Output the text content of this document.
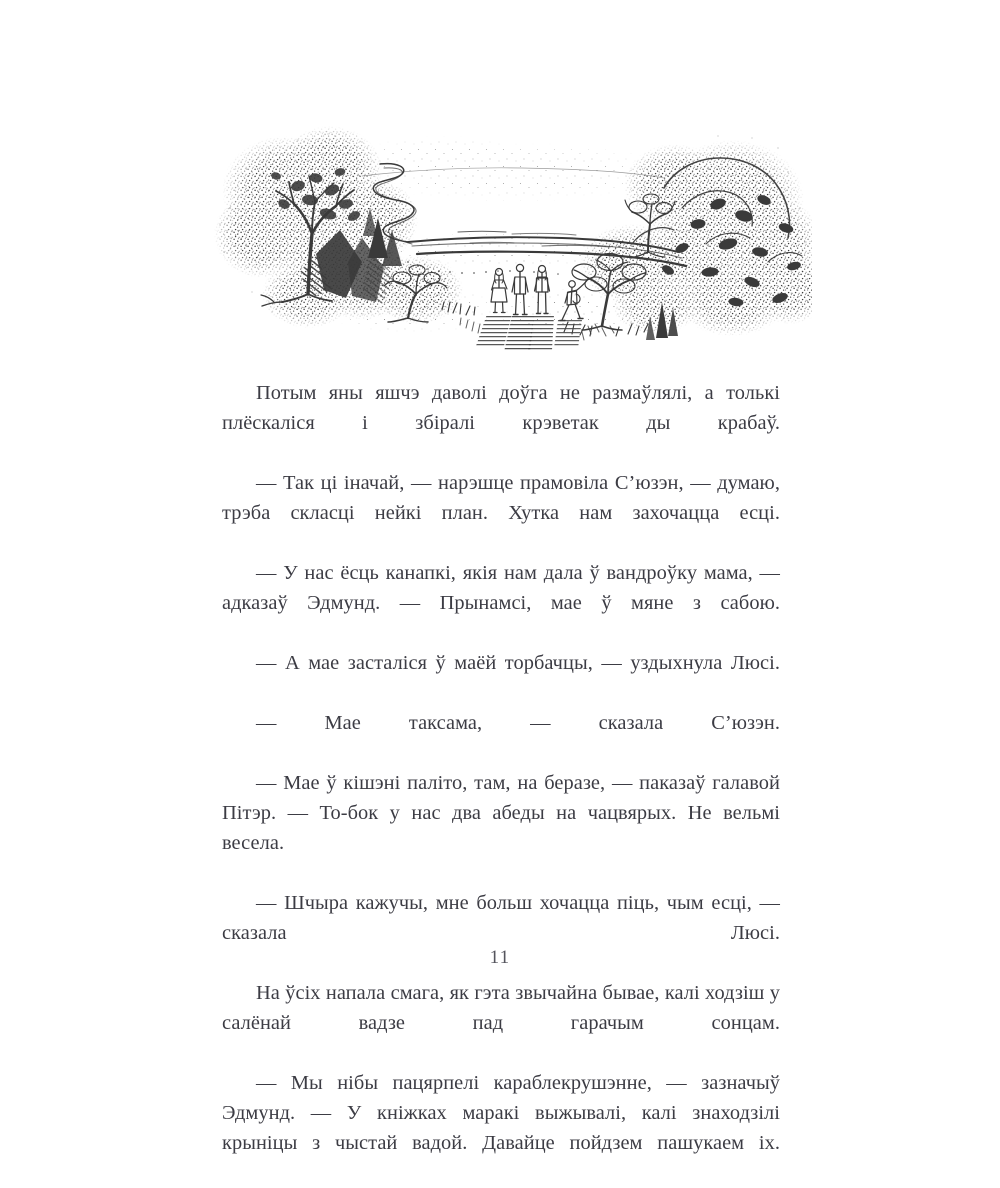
Потым яны яшчэ даволі доўга не размаўлялі, а толькі плёскаліся і збіралі крэветак ды крабаў.

— Так ці іначай, — нарэшце прамовіла С’юзэн, — думаю, трэба скласці нейкі план. Хутка нам захочацца есці.

— У нас ёсць канапкі, якія нам дала ў вандроўку мама, — адказаў Эдмунд. — Прынамсі, мае ў мяне з сабою.

— А мае засталіся ў маёй торбачцы, — уздыхнула Люсі.

— Мае таксама, — сказала С’юзэн.

— Мае ў кішэні паліто, там, на беразе, — паказаў галавой Пітэр. — То-бок у нас два абеды на чацвярых. Не вельмі весела.

— Шчыра кажучы, мне больш хочацца піць, чым есці, — сказала Люсі.

На ўсіх напала смага, як гэта звычайна бывае, калі ходзіш у салёнай вадзе пад гарачым сонцам.

— Мы нібы пацярпелі караблекрушэнне, — зазначыў Эдмунд. — У кніжках маракі выжывалі, калі знаходзілі крыніцы з чыстай вадой. Давайце пойдзем пашукаем іх.

11
